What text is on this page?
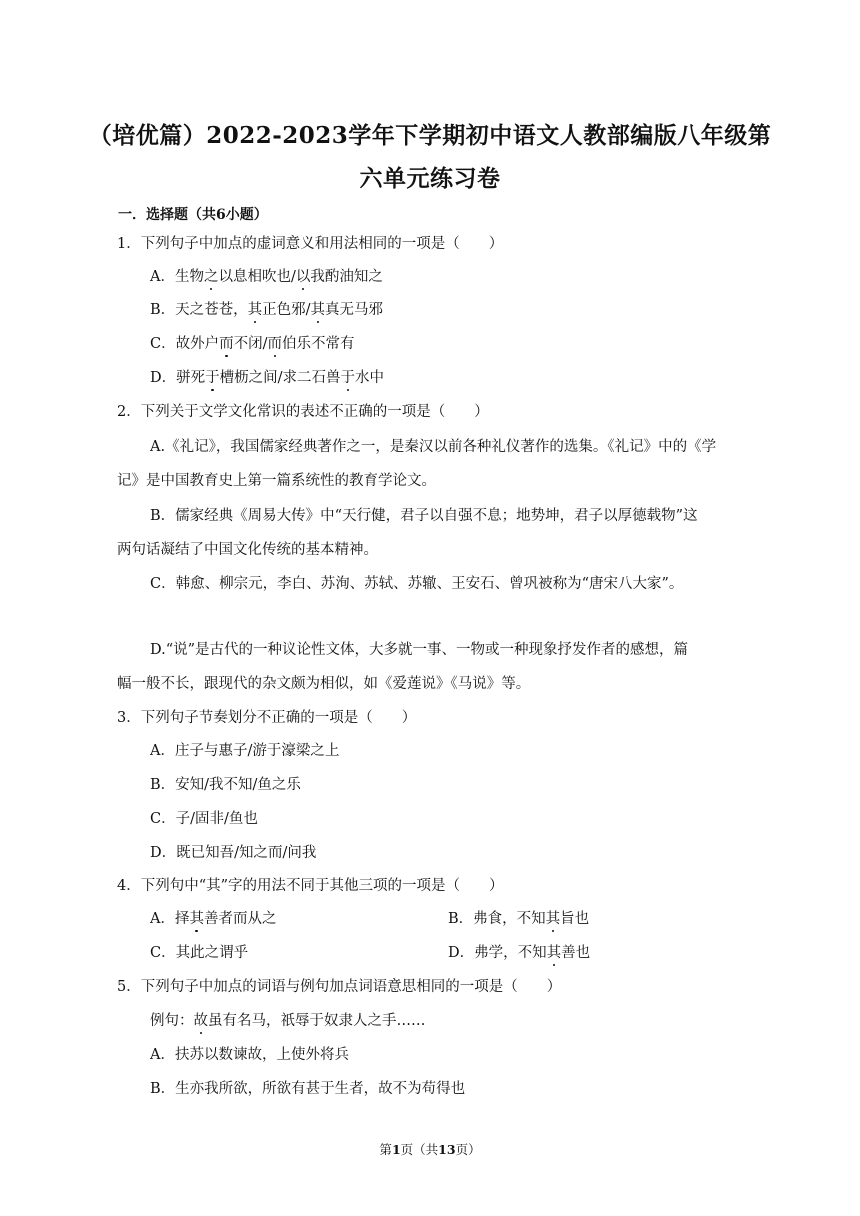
（培优篇）2022-2023学年下学期初中语文人教部编版八年级第
六单元练习卷
一．选择题（共6小题）
1．下列句子中加点的虚词意义和用法相同的一项是（　　）
A．生物之以息相吹也/以我酌油知之
B．天之苍苍，其正色邪/其真无马邪
C．故外户而不闭/而伯乐不常有
D．骈死于槽枥之间/求二石兽于水中
2．下列关于文学文化常识的表述不正确的一项是（　　）
A.《礼记》，我国儒家经典著作之一，是秦汉以前各种礼仪著作的选集。《礼记》中的《学
记》是中国教育史上第一篇系统性的教育学论文。
B．儒家经典《周易大传》中“天行健，君子以自强不息；地势坤，君子以厚德载物”这
两句话凝结了中国文化传统的基本精神。
C．韩愈、柳宗元，李白、苏洵、苏轼、苏辙、王安石、曾巩被称为“唐宋八大家”。
D.“说”是古代的一种议论性文体，大多就一事、一物或一种现象抒发作者的感想，篇
幅一般不长，跟现代的杂文颇为相似，如《爱莲说》《马说》等。
3．下列句子节奏划分不正确的一项是（　　）
A．庄子与惠子/游于濠梁之上
B．安知/我不知/鱼之乐
C．子/固非/鱼也
D．既已知吾/知之而/问我
4．下列句中“其”字的用法不同于其他三项的一项是（　　）
A．择其善者而从之	B．弗食，不知其旨也
C．其此之谓乎	D．弗学，不知其善也
5．下列句子中加点的词语与例句加点词语意思相同的一项是（　　）
例句：故虽有名马，祇辱于奴隶人之手……
A．扶苏以数谏故，上使外将兵
B．生亦我所欲，所欲有甚于生者，故不为苟得也
第1页（共13页）
